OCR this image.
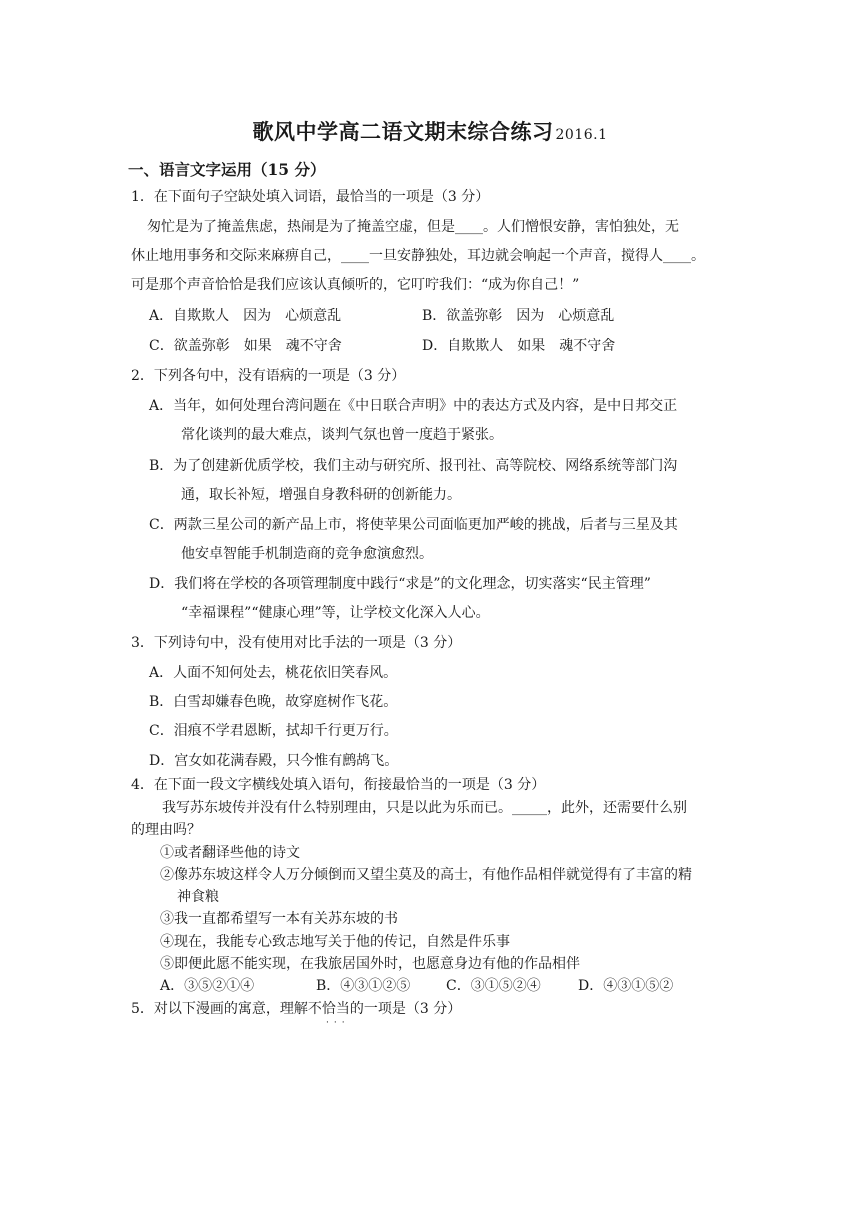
歌风中学高二语文期末综合练习 2016.1
一、语言文字运用（15 分）
1．在下面句子空缺处填入词语，最恰当的一项是（3 分）
匆忙是为了掩盖焦虑，热闹是为了掩盖空虚，但是____。人们憎恨安静，害怕独处，无
休止地用事务和交际来麻痹自己，____一旦安静独处，耳边就会响起一个声音，搅得人____。
可是那个声音恰恰是我们应该认真倾听的，它叮咛我们：“成为你自己！”
A．自欺欺人　因为　心烦意乱	B．欲盖弥彰　因为　心烦意乱
C．欲盖弥彰　如果　魂不守舍	D．自欺欺人　如果　魂不守舍
2．下列各句中，没有语病的一项是（3 分）
A．当年，如何处理台湾问题在《中日联合声明》中的表达方式及内容，是中日邦交正
常化谈判的最大难点，谈判气氛也曾一度趋于紧张。
B．为了创建新优质学校，我们主动与研究所、报刊社、高等院校、网络系统等部门沟
通，取长补短，增强自身教科研的创新能力。
C．两款三星公司的新产品上市，将使苹果公司面临更加严峻的挑战，后者与三星及其
他安卓智能手机制造商的竞争愈演愈烈。
D．我们将在学校的各项管理制度中践行“求是”的文化理念，切实落实“民主管理”
“幸福课程”“健康心理”等，让学校文化深入人心。
3．下列诗句中，没有使用对比手法的一项是（3 分）
A．人面不知何处去，桃花依旧笑春风。
B．白雪却嫌春色晚，故穿庭树作飞花。
C．泪痕不学君恩断，拭却千行更万行。
D．宫女如花满春殿，只今惟有鹧鸪飞。
4．在下面一段文字横线处填入语句，衔接最恰当的一项是（3 分）
我写苏东坡传并没有什么特别理由，只是以此为乐而已。_____，此外，还需要什么别
的理由吗？
①或者翻译些他的诗文
②像苏东坡这样令人万分倾倒而又望尘莫及的高士，有他作品相伴就觉得有了丰富的精
神食粮
③我一直都希望写一本有关苏东坡的书
④现在，我能专心致志地写关于他的传记，自然是件乐事
⑤即便此愿不能实现，在我旅居国外时，也愿意身边有他的作品相伴
A．③⑤②①④	B．④③①②⑤	C．③①⑤②④	D．④③①⑤②
5．对以下漫画的寓意，理解不恰当的一项是（3 分）
···
